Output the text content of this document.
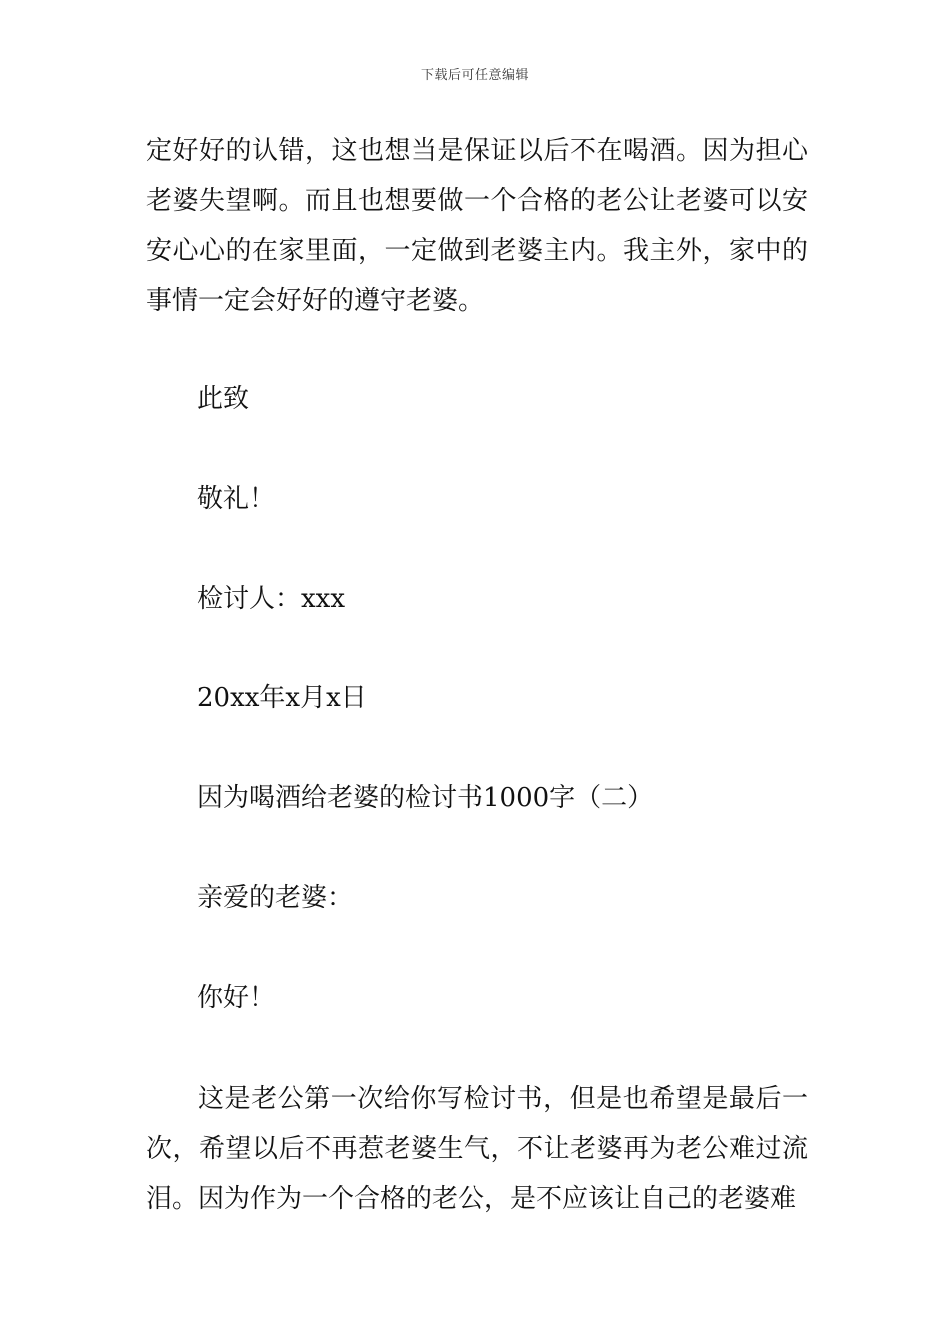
下载后可任意编辑
定好好的认错，这也想当是保证以后不在喝酒。因为担心老婆失望啊。而且也想要做一个合格的老公让老婆可以安安心心的在家里面，一定做到老婆主内。我主外，家中的事情一定会好好的遵守老婆。
此致
敬礼！
检讨人：xxx
20xx年x月x日
因为喝酒给老婆的检讨书1000字（二）
亲爱的老婆：
你好！
这是老公第一次给你写检讨书，但是也希望是最后一次，希望以后不再惹老婆生气，不让老婆再为老公难过流泪。因为作为一个合格的老公，是不应该让自己的老婆难
